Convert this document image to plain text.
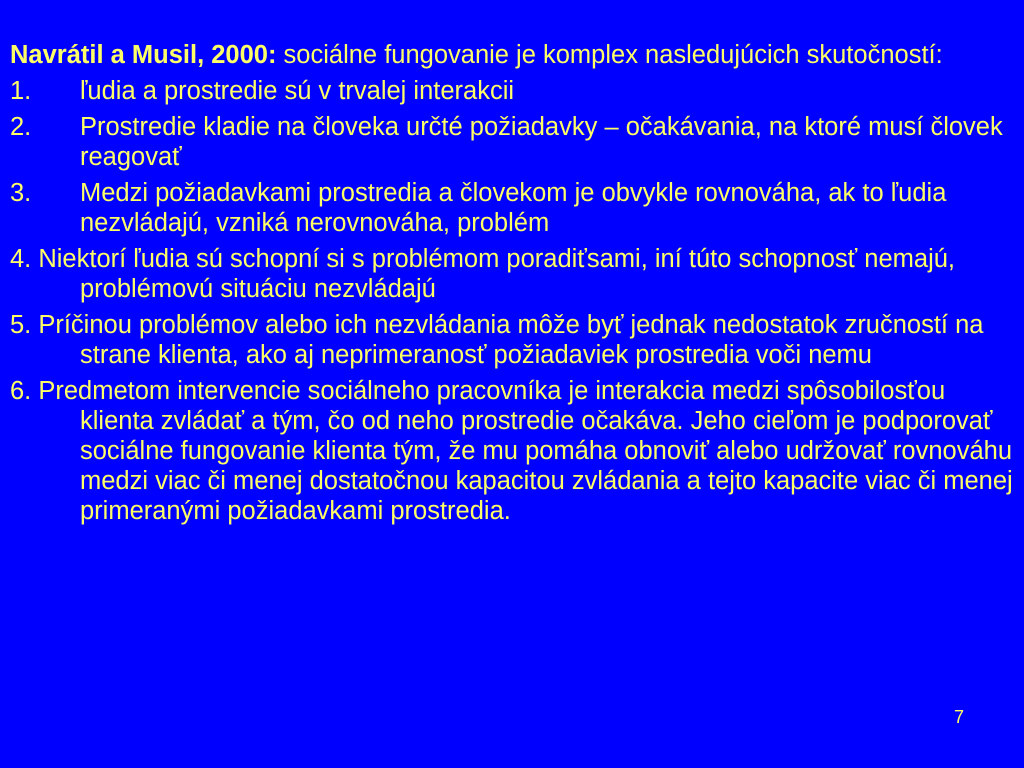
Navrátil a Musil, 2000: sociálne fungovanie je komplex nasledujúcich skutočností:

1.	ľudia a prostredie sú v trvalej interakcii

2.	Prostredie kladie na človeka určté požiadavky – očakávania, na ktoré musí človek reagovať

3.	Medzi požiadavkami prostredia a človekom je obvykle rovnováha, ak to ľudia nezvládajú, vzniká nerovnováha, problém

4. Niektorí ľudia sú schopní si s problémom poradiťsami, iní túto schopnosť nemajú, problémovú situáciu nezvládajú

5. Príčinou problémov alebo ich nezvládania môže byť jednak nedostatok zručností na strane klienta, ako aj neprimeranosť požiadaviek prostredia voči nemu

6. Predmetom intervencie sociálneho pracovníka je interakcia medzi spôsobilosťou klienta zvládať a tým, čo od neho prostredie očakáva. Jeho cieľom je podporovať sociálne fungovanie klienta tým, že mu pomáha obnoviť alebo udržovať rovnováhu medzi viac či menej dostatočnou kapacitou zvládania a tejto kapacite viac či menej primeranými požiadavkami prostredia.

7
